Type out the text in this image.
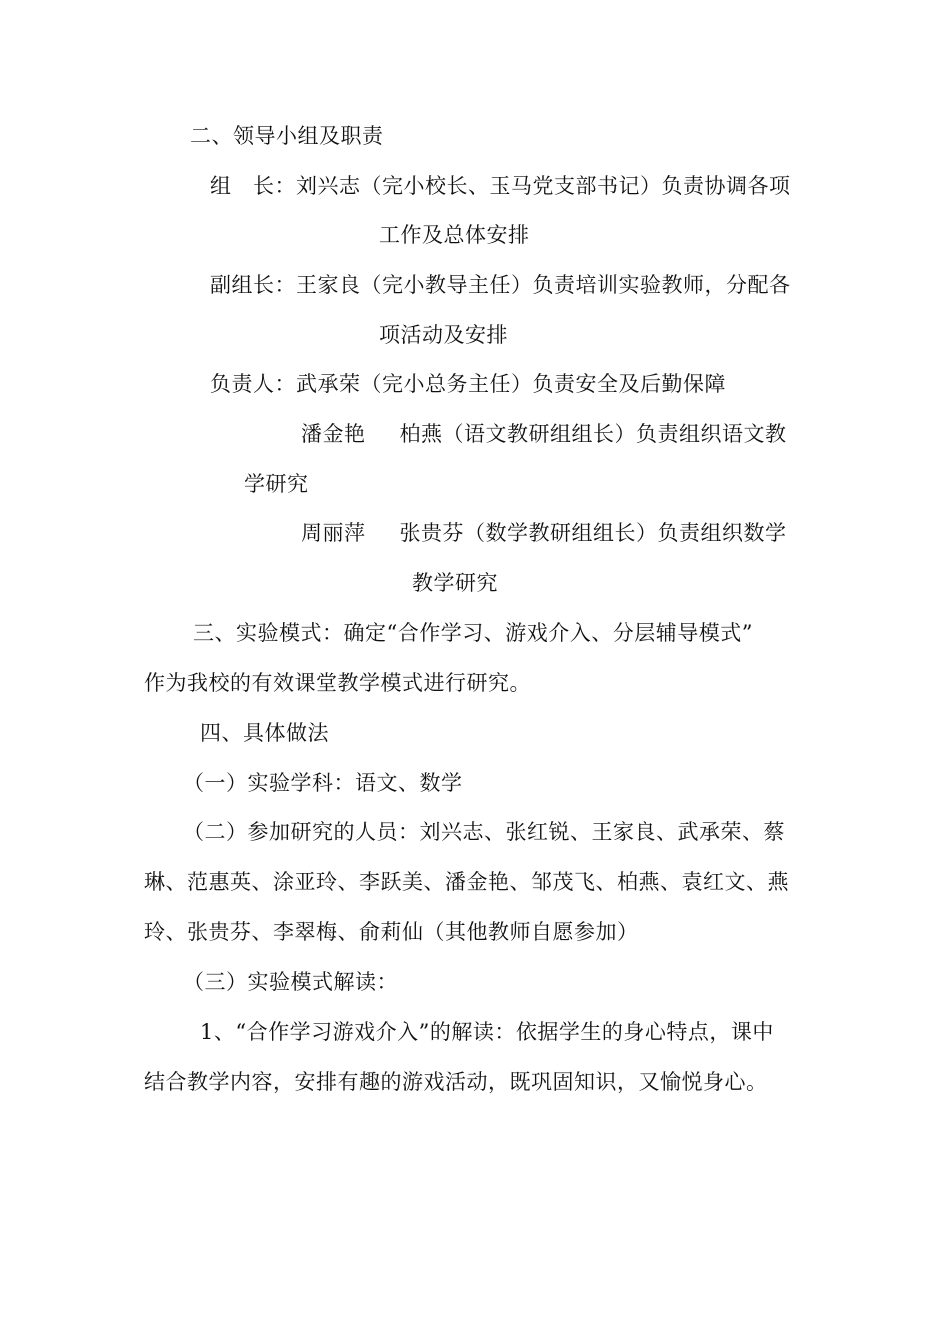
二、领导小组及职责
组　长：刘兴志（完小校长、玉马党支部书记）负责协调各项
工作及总体安排
副组长：王家良（完小教导主任）负责培训实验教师，分配各
项活动及安排
负责人：武承荣（完小总务主任）负责安全及后勤保障
潘金艳 柏燕（语文教研组组长）负责组织语文教
学研究
周丽萍 张贵芬（数学教研组组长）负责组织数学
教学研究
三、实验模式：确定“合作学习、游戏介入、分层辅导模式”
作为我校的有效课堂教学模式进行研究。
四、具体做法
（一）实验学科：语文、数学
（二）参加研究的人员：刘兴志、张红锐、王家良、武承荣、蔡
琳、范惠英、涂亚玲、李跃美、潘金艳、邹茂飞、柏燕、袁红文、燕
玲、张贵芬、李翠梅、俞莉仙（其他教师自愿参加）
（三）实验模式解读：
1、“合作学习游戏介入”的解读：依据学生的身心特点，课中
结合教学内容，安排有趣的游戏活动，既巩固知识，又愉悦身心。
